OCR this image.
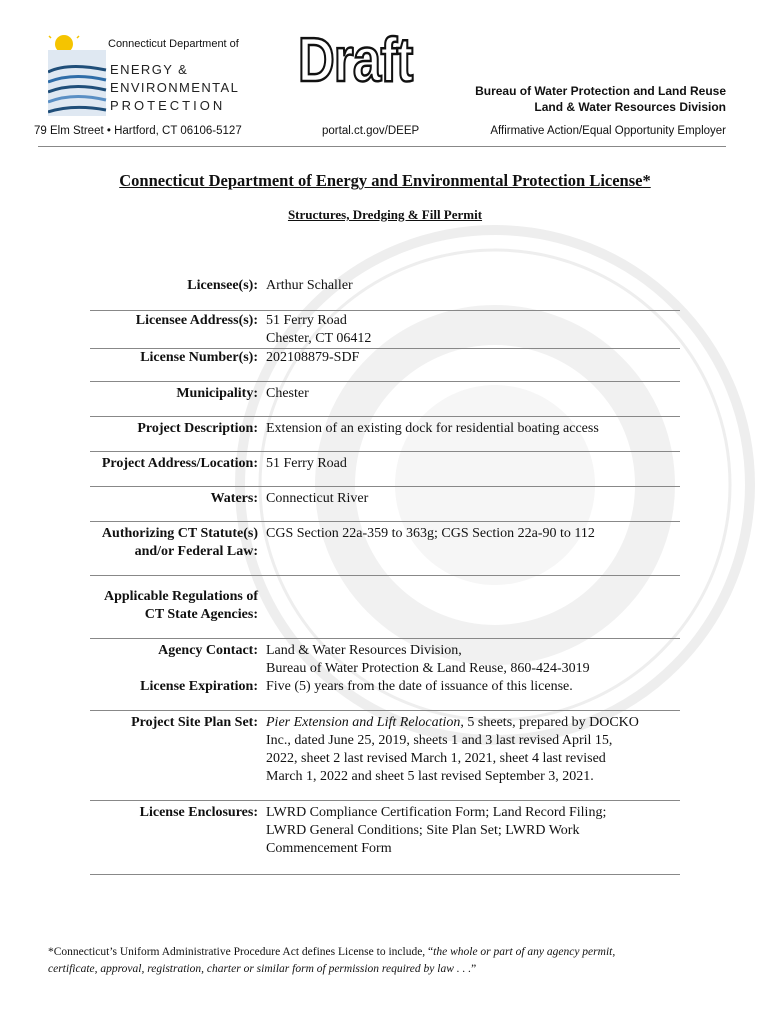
Connecticut Department of
ENERGY &
ENVIRONMENTAL
PROTECTION
Draft	Bureau of Water Protection and Land Reuse
Land & Water Resources Division
79 Elm Street • Hartford, CT 06106-5127	portal.ct.gov/DEEP	Affirmative Action/Equal Opportunity Employer
Connecticut Department of Energy and Environmental Protection License*
Structures, Dredging & Fill Permit
Licensee(s): Arthur Schaller
Licensee Address(s): 51 Ferry Road
Chester, CT 06412
License Number(s): 202108879-SDF
Municipality: Chester
Project Description: Extension of an existing dock for residential boating access
Project Address/Location: 51 Ferry Road
Waters: Connecticut River
Authorizing CT Statute(s)
and/or Federal Law:
CGS Section 22a-359 to 363g; CGS Section 22a-90 to 112
Applicable Regulations of
CT State Agencies:
Agency Contact: Land & Water Resources Division,
Bureau of Water Protection & Land Reuse, 860-424-3019
License Expiration: Five (5) years from the date of issuance of this license.
Project Site Plan Set: Pier Extension and Lift Relocation, 5 sheets, prepared by DOCKO
Inc., dated June 25, 2019, sheets 1 and 3 last revised April 15,
2022, sheet 2 last revised March 1, 2021, sheet 4 last revised
March 1, 2022 and sheet 5 last revised September 3, 2021.
License Enclosures: LWRD Compliance Certification Form; Land Record Filing;
LWRD General Conditions; Site Plan Set; LWRD Work
Commencement Form
*Connecticut’s Uniform Administrative Procedure Act defines License to include, “the whole or part of any agency permit,
certificate, approval, registration, charter or similar form of permission required by law . . .”
